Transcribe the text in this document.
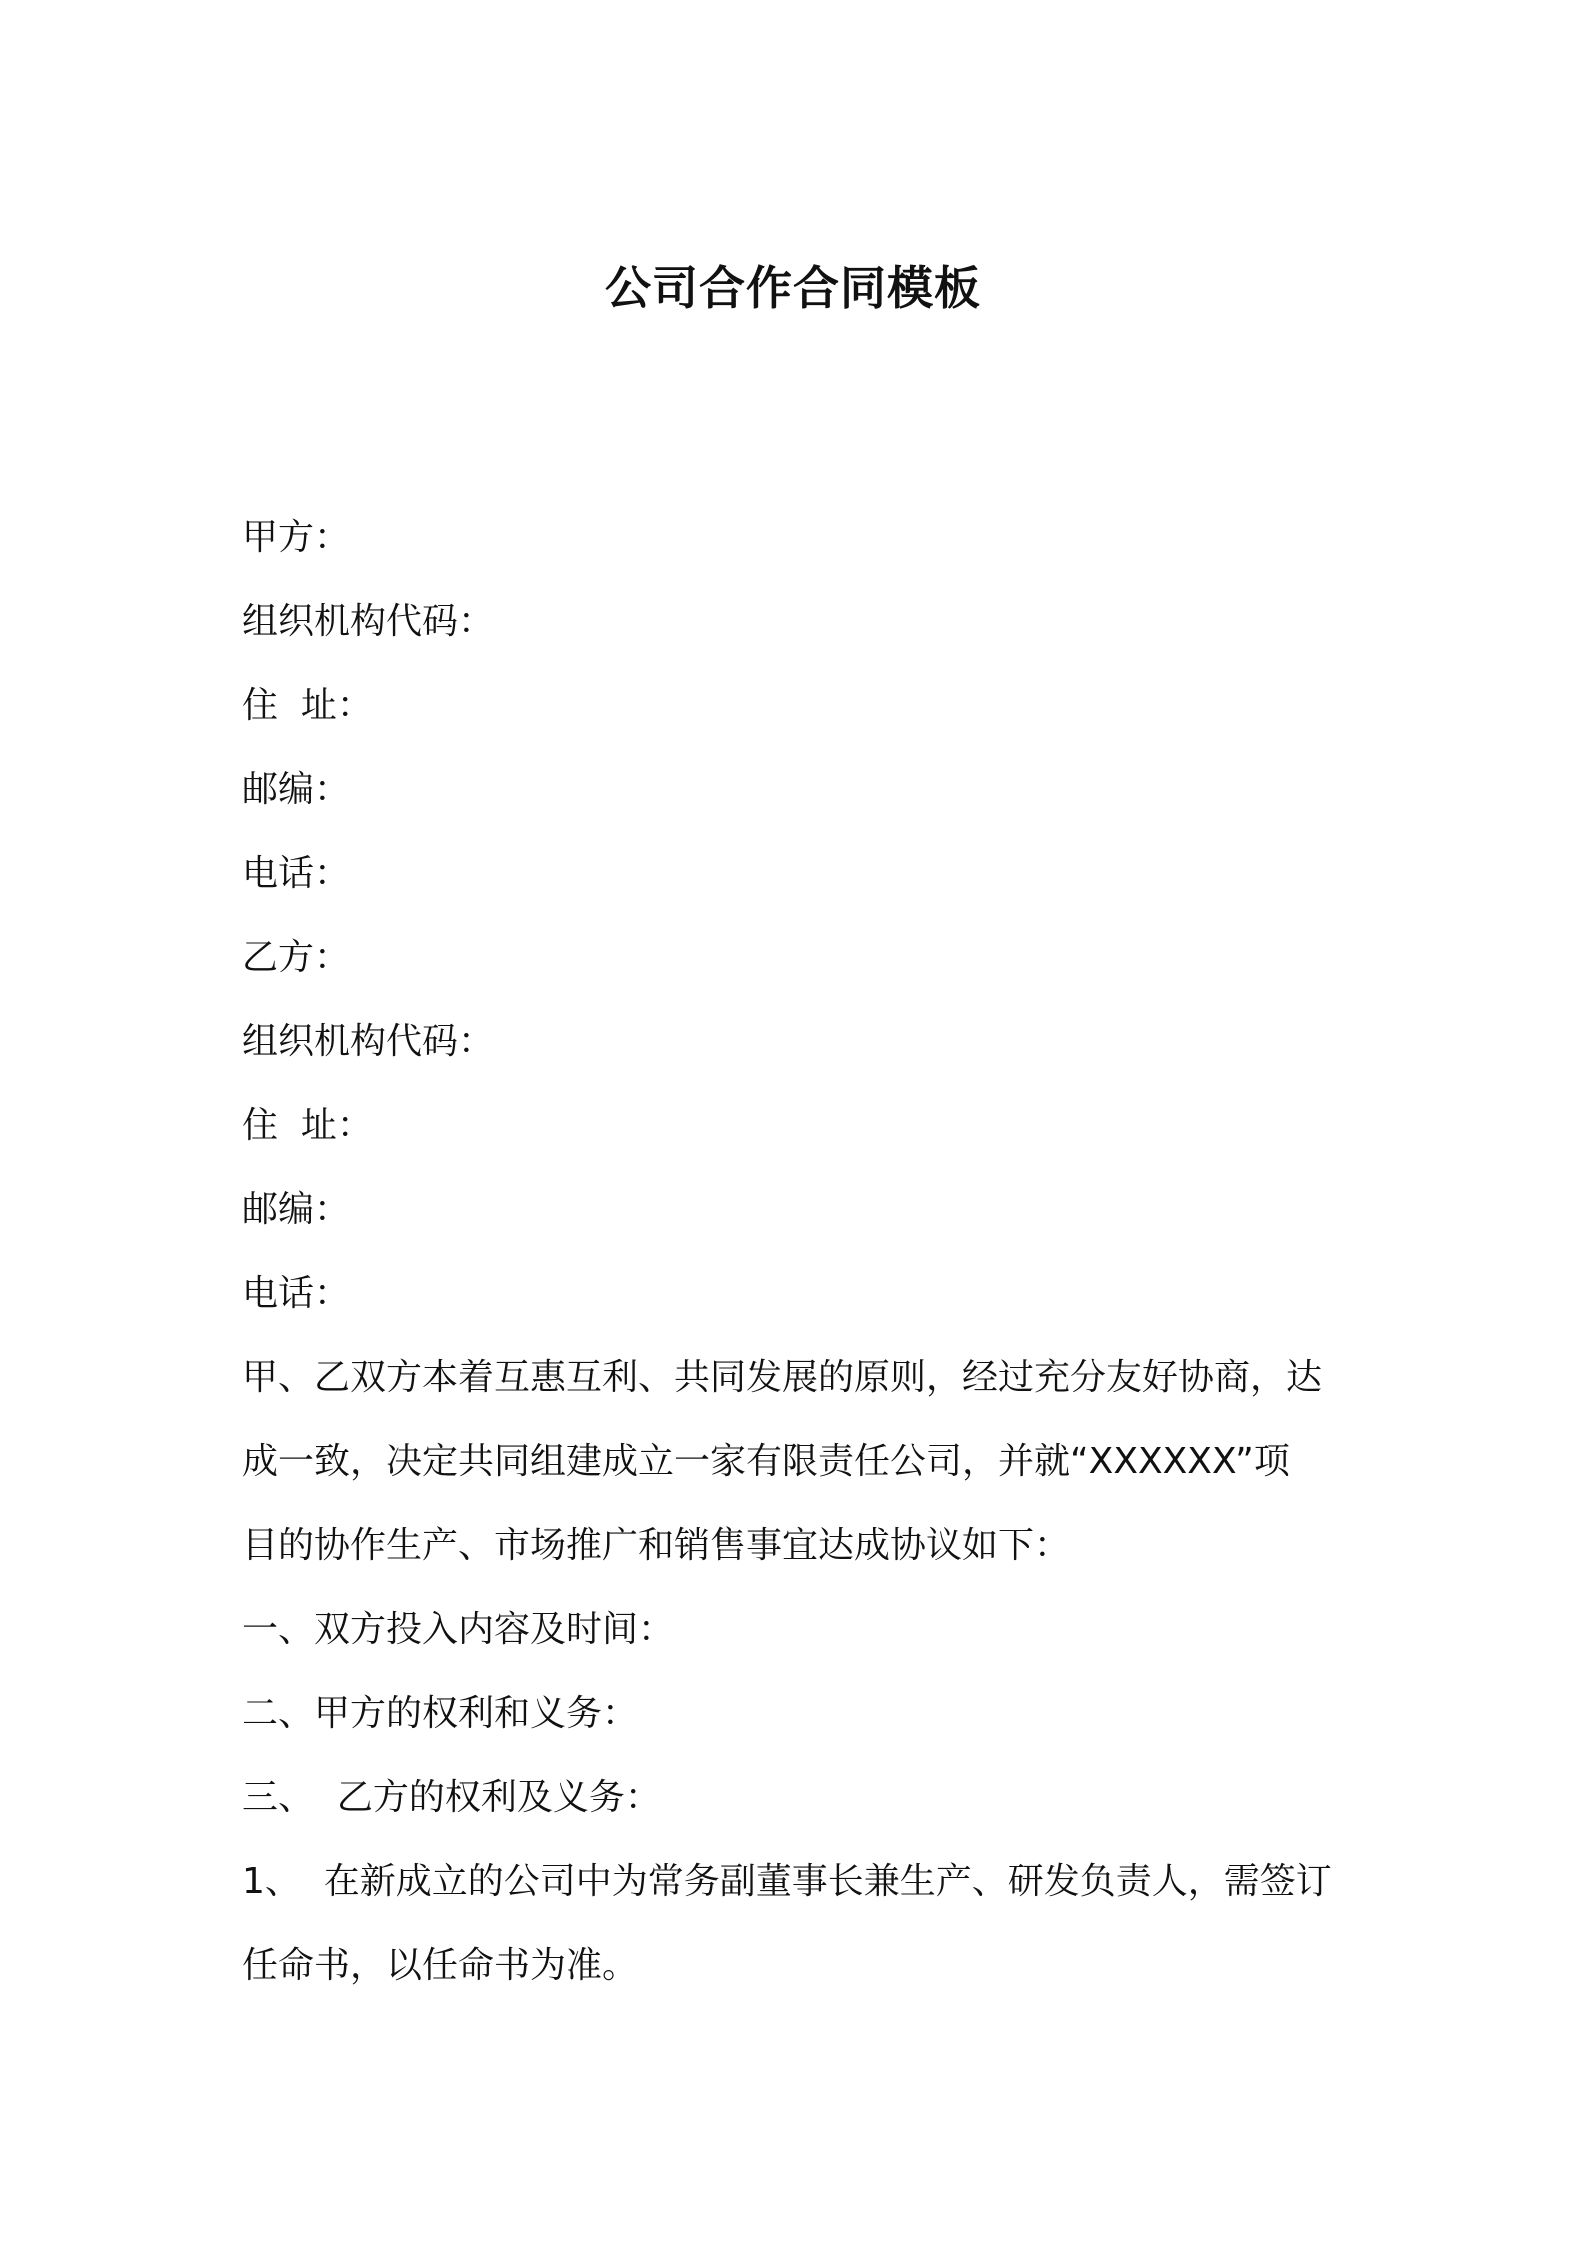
公司合作合同模板
甲方：
组织机构代码：
住  址：
邮编：
电话：
乙方：
组织机构代码：
住  址：
邮编：
电话：
甲、乙双方本着互惠互利、共同发展的原则，经过充分友好协商，达
成一致，决定共同组建成立一家有限责任公司，并就“XXXXXX”项
目的协作生产、市场推广和销售事宜达成协议如下：
一、双方投入内容及时间：
二、甲方的权利和义务：
三、  乙方的权利及义务：
1、  在新成立的公司中为常务副董事长兼生产、研发负责人，需签订
任命书，以任命书为准。
